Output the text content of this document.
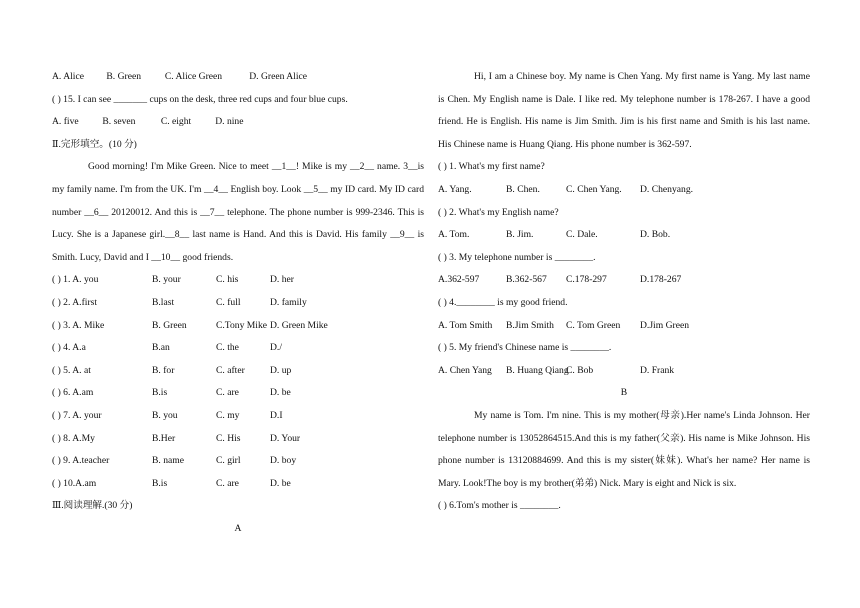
A. Alice B. Green C. Alice Green	D. Green Alice
( ) 15. I can see _______ cups on the desk, three red cups and four blue cups.
A. five B. seven	C. eight	D. nine
Ⅱ.完形填空。(10 分)
Good morning! I'm Mike Green. Nice to meet __1__! Mike is my __2__ name. 3__is my family name. I'm from the UK. I'm __4__ English boy. Look __5__ my ID card. My ID card number __6__ 20120012. And this is __7__ telephone. The phone number is 999-2346. This is Lucy. She is a Japanese girl.__8__ last name is Hand. And this is David. His family __9__ is Smith. Lucy, David and I __10__ good friends.
( ) 1. A. you	B. your	C. his	D. her
( ) 2. A.first	B.last	C. full	D. family
( ) 3. A. Mike	B. Green	C.Tony Mike D. Green Mike
( ) 4. A.a	B.an	C. the	D./
( ) 5. A. at	B. for	C. after	D. up
( ) 6. A.am	B.is	C. are	D. be
( ) 7. A. your	B. you	C. my	D.I
( ) 8. A.My	B.Her	C. His	D. Your
( ) 9. A.teacher	B. name	C. girl	D. boy
( ) 10.A.am	B.is	C. are	D. be
Ⅲ.阅读理解.(30 分)
A
Hi, I am a Chinese boy. My name is Chen Yang. My first name is Yang. My last name is Chen. My English name is Dale. I like red. My telephone number is 178-267. I have a good friend. He is English. His name is Jim Smith. Jim is his first name and Smith is his last name. His Chinese name is Huang Qiang. His phone number is 362-597.
( ) 1. What's my first name?
A. Yang.	B. Chen.	C. Chen Yang. D. Chenyang.
( ) 2. What's my English name?
A. Tom.	B. Jim.	C. Dale.	D. Bob.
( ) 3. My telephone number is ________.
A.362-597	B.362-567 C.178-297	D.178-267
( ) 4.________ is my good friend.
A. Tom Smith B.Jim Smith C. Tom Green D.Jim Green
( ) 5. My friend's Chinese name is ________.
A. Chen Yang B. Huang QiangC. Bob	D. Frank
B
My name is Tom. I'm nine. This is my mother(母亲).Her name's Linda Johnson. Her telephone number is 13052864515.And this is my father(父亲). His name is Mike Johnson. His phone number is 13120884699. And this is my sister(妹妹). What's her name? Her name is Mary. Look!The boy is my brother(弟弟) Nick. Mary is eight and Nick is six.
( ) 6.Tom's mother is ________.
